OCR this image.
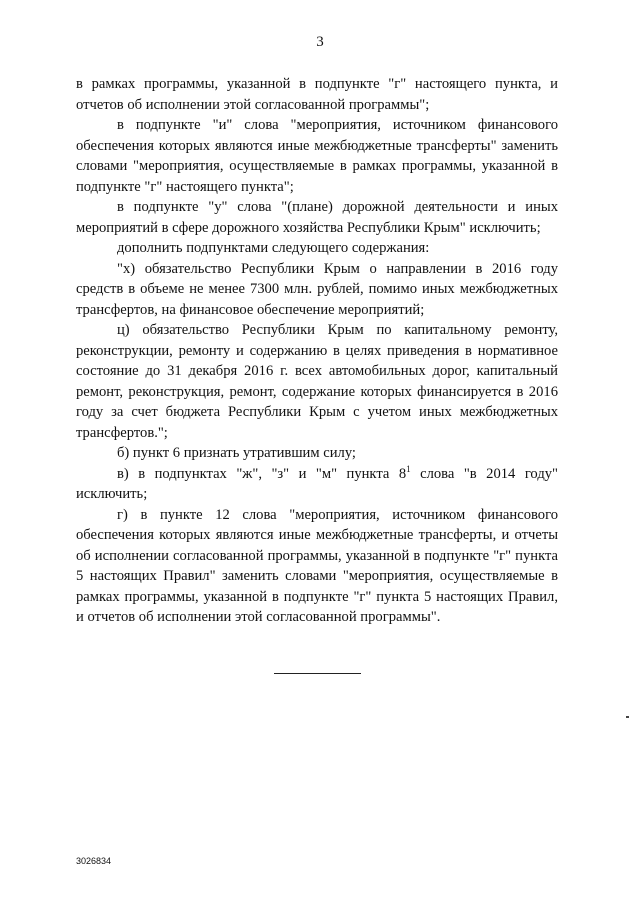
3

в рамках программы, указанной в подпункте "г" настоящего пункта, и отчетов об исполнении этой согласованной программы";

в подпункте "и" слова "мероприятия, источником финансового обеспечения которых являются иные межбюджетные трансферты" заменить словами "мероприятия, осуществляемые в рамках программы, указанной в подпункте "г" настоящего пункта";

в подпункте "у" слова "(плане) дорожной деятельности и иных мероприятий в сфере дорожного хозяйства Республики Крым" исключить;

дополнить подпунктами следующего содержания:

"х) обязательство Республики Крым о направлении в 2016 году средств в объеме не менее 7300 млн. рублей, помимо иных межбюджетных трансфертов, на финансовое обеспечение мероприятий;

ц) обязательство Республики Крым по капитальному ремонту, реконструкции, ремонту и содержанию в целях приведения в нормативное состояние до 31 декабря 2016 г. всех автомобильных дорог, капитальный ремонт, реконструкция, ремонт, содержание которых финансируется в 2016 году за счет бюджета Республики Крым с учетом иных межбюджетных трансфертов.";

б) пункт 6 признать утратившим силу;

в) в подпунктах "ж", "з" и "м" пункта $8^1$ слова "в 2014 году" исключить;

г) в пункте 12 слова "мероприятия, источником финансового обеспечения которых являются иные межбюджетные трансферты, и отчеты об исполнении согласованной программы, указанной в подпункте "г" пункта 5 настоящих Правил" заменить словами "мероприятия, осуществляемые в рамках программы, указанной в подпункте "г" пункта 5 настоящих Правил, и отчетов об исполнении этой согласованной программы".

3026834
